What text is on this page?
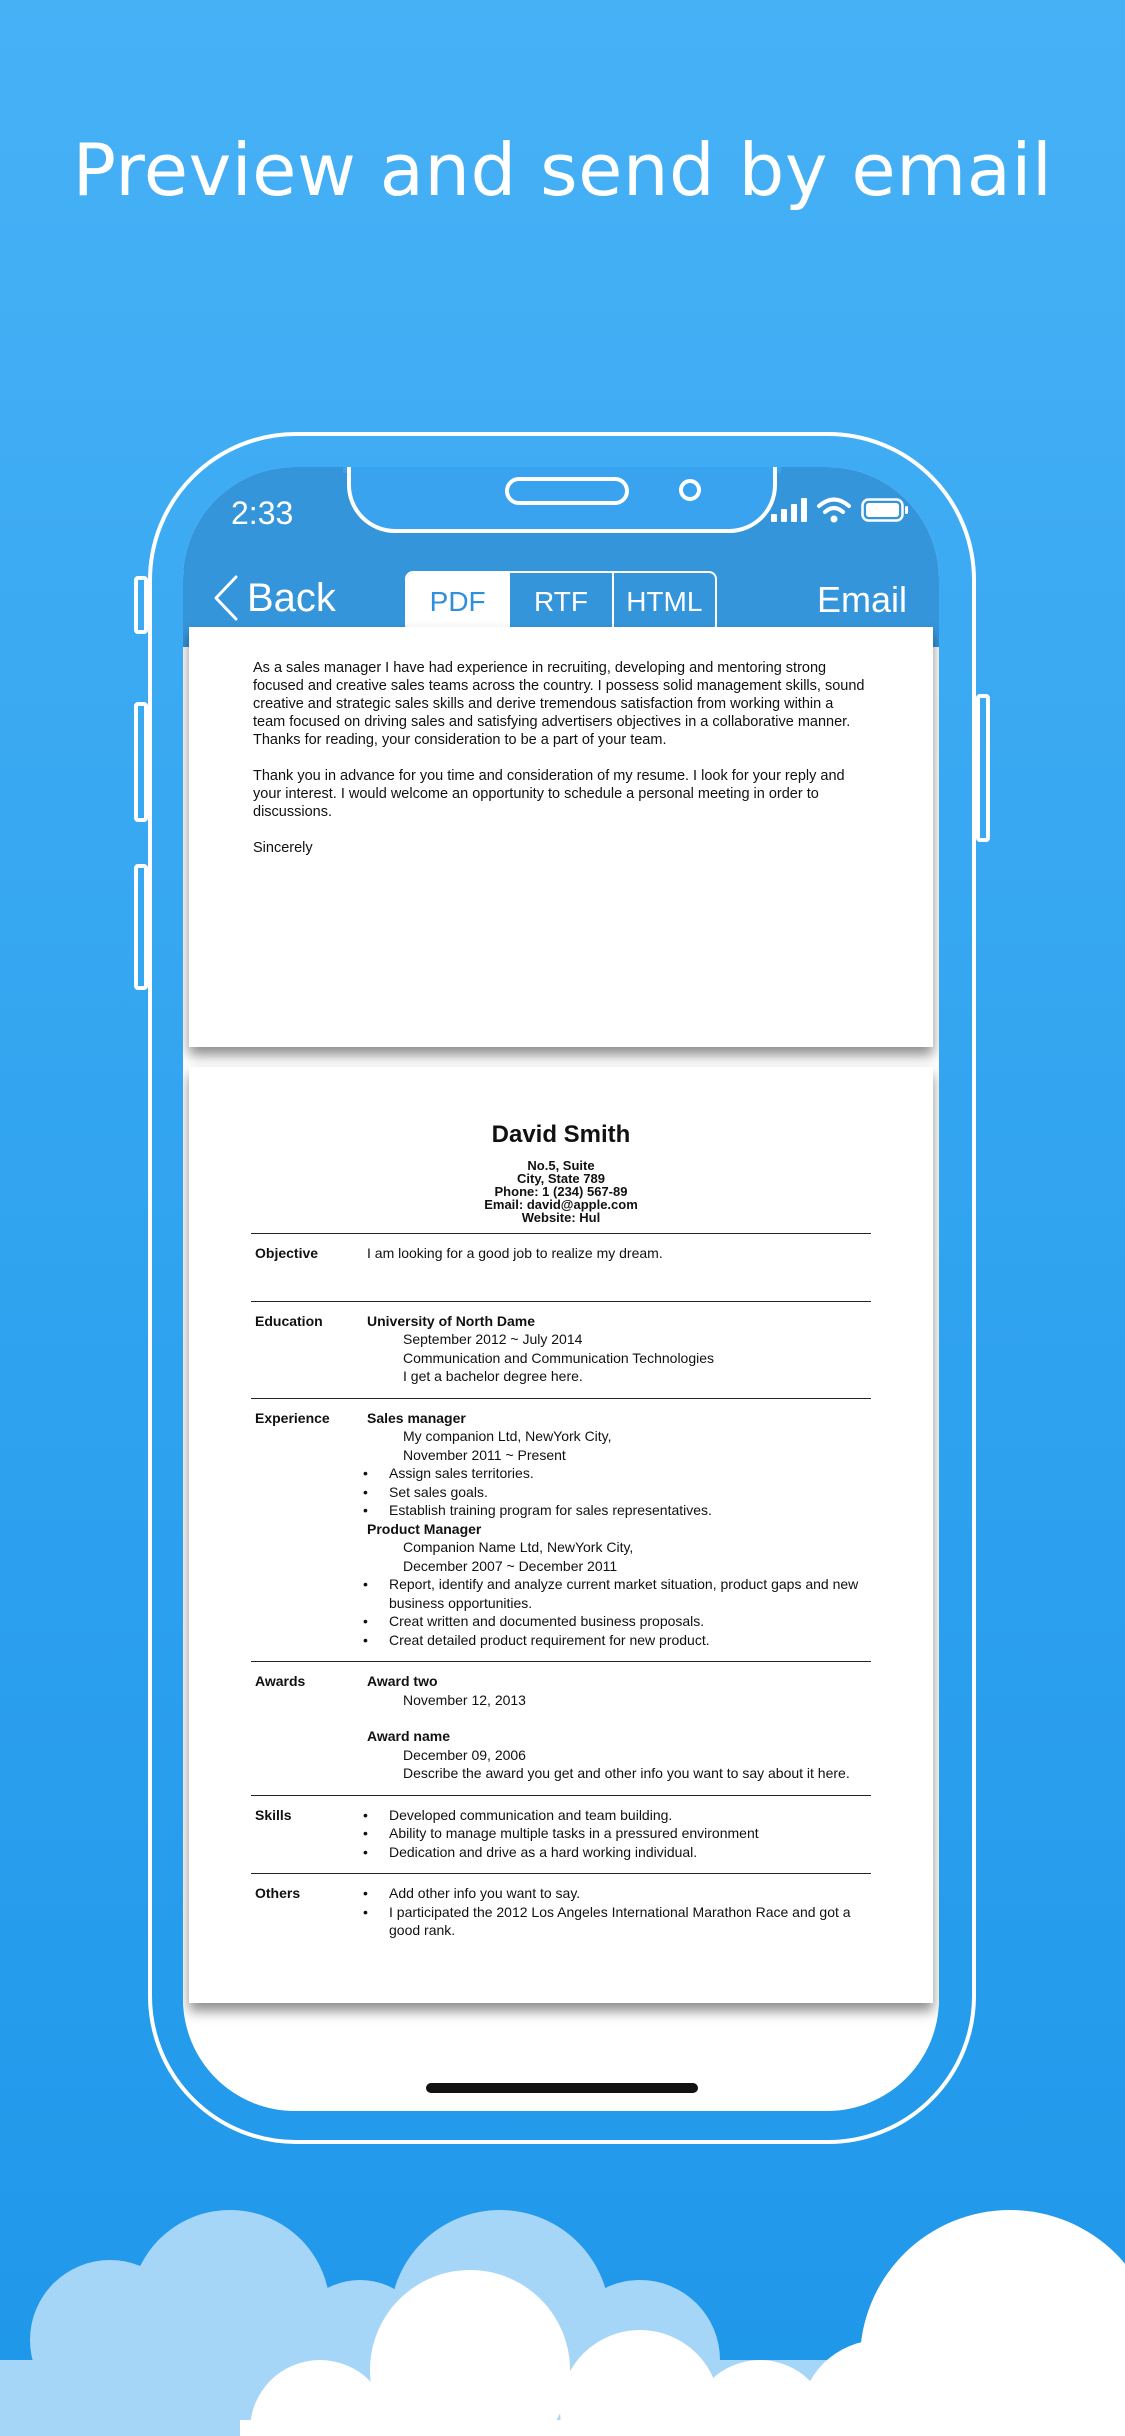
Preview and send by email
2:33
Back	PDF	RTF	HTML	Email

As a sales manager I have had experience in recruiting, developing and mentoring strong focused and creative sales teams across the country. I possess solid management skills, sound creative and strategic sales skills and derive tremendous satisfaction from working within a team focused on driving sales and satisfying advertisers objectives in a collaborative manner. Thanks for reading, your consideration to be a part of your team.

Thank you in advance for you time and consideration of my resume. I look for your reply and your interest. I would welcome an opportunity to schedule a personal meeting in order to discussions.

Sincerely

David Smith
No.5, Suite
City, State 789
Phone: 1 (234) 567-89
Email: david@apple.com
Website: Hul
Objective	I am looking for a good job to realize my dream.
Education	University of North Dame
September 2012 ~ July 2014
Communication and Communication Technologies
I get a bachelor degree here.
Experience	Sales manager
My companion Ltd, NewYork City,
November 2011 ~ Present
• Assign sales territories.
• Set sales goals.
• Establish training program for sales representatives.
Product Manager
Companion Name Ltd, NewYork City,
December 2007 ~ December 2011
• Report, identify and analyze current market situation, product gaps and new business opportunities.
• Creat written and documented business proposals.
• Creat detailed product requirement for new product.
Awards	Award two
November 12, 2013
Award name
December 09, 2006
Describe the award you get and other info you want to say about it here.
Skills	• Developed communication and team building.
• Ability to manage multiple tasks in a pressured environment
• Dedication and drive as a hard working individual.
Others	• Add other info you want to say.
• I participated the 2012 Los Angeles International Marathon Race and got a good rank.
